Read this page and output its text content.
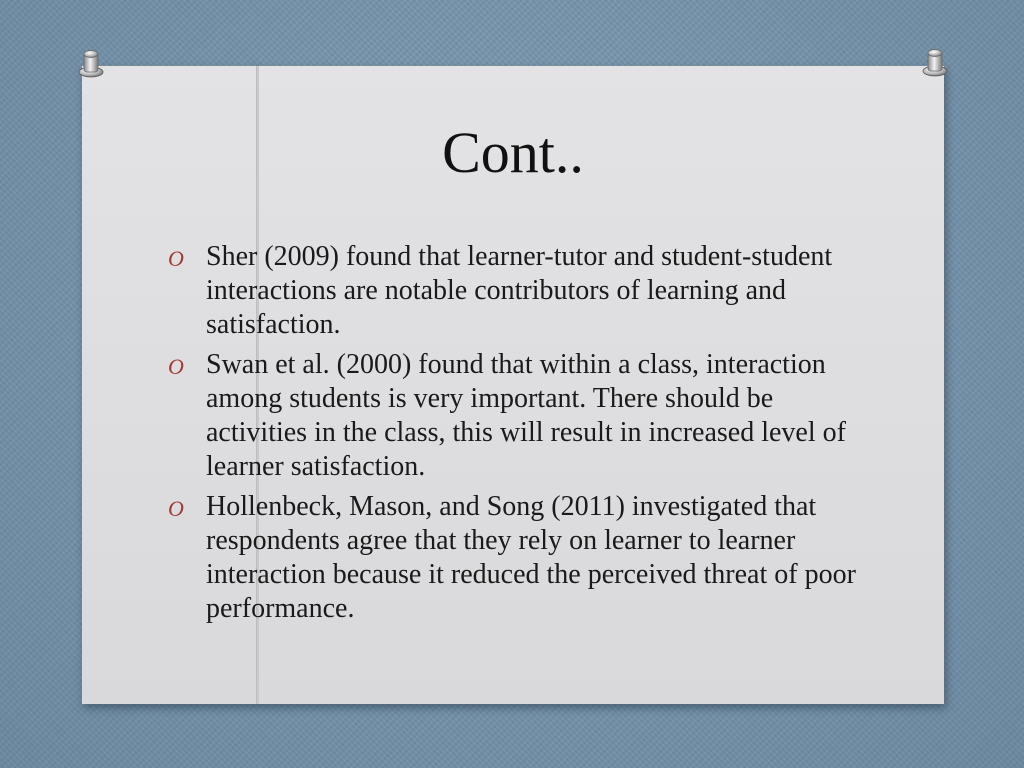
Cont..
O Sher (2009) found that learner-tutor and student-student interactions are notable contributors of learning and satisfaction.
O Swan et al. (2000) found that within a class, interaction among students is very important. There should be activities in the class, this will result in increased level of learner satisfaction.
O Hollenbeck, Mason, and Song (2011) investigated that respondents agree that they rely on learner to learner interaction because it reduced the perceived threat of poor performance.
